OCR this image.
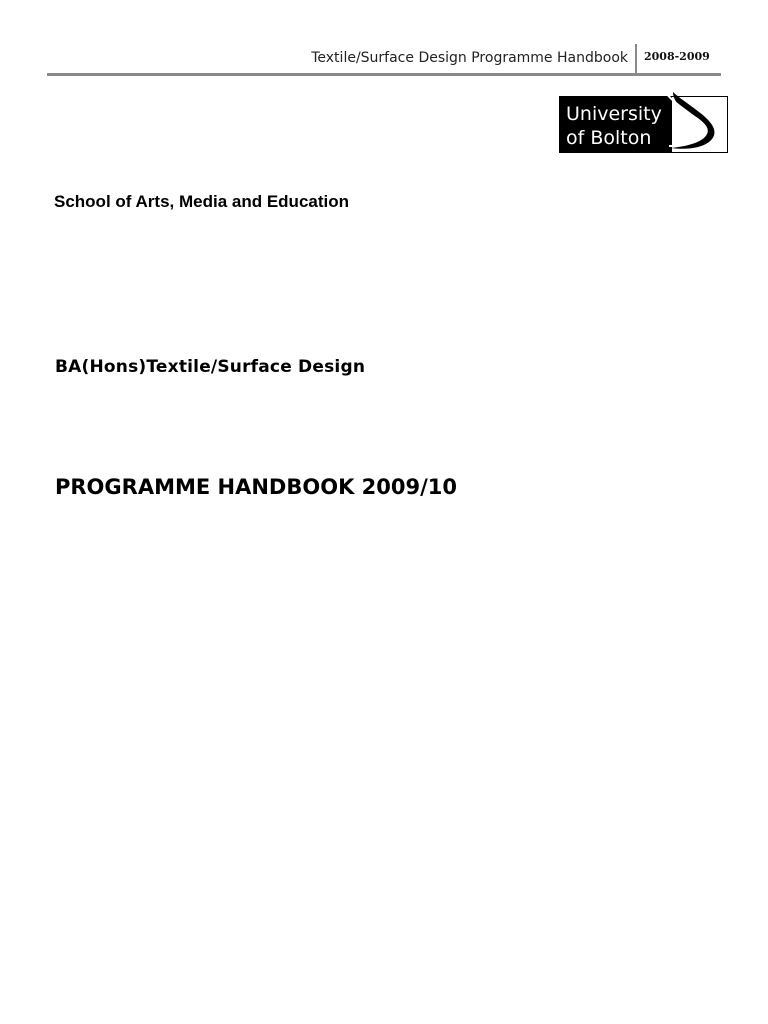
Textile/Surface Design Programme Handbook 2008-2009
University
of Bolton
School of Arts, Media and Education
BA(Hons)Textile/Surface Design
PROGRAMME HANDBOOK 2009/10
